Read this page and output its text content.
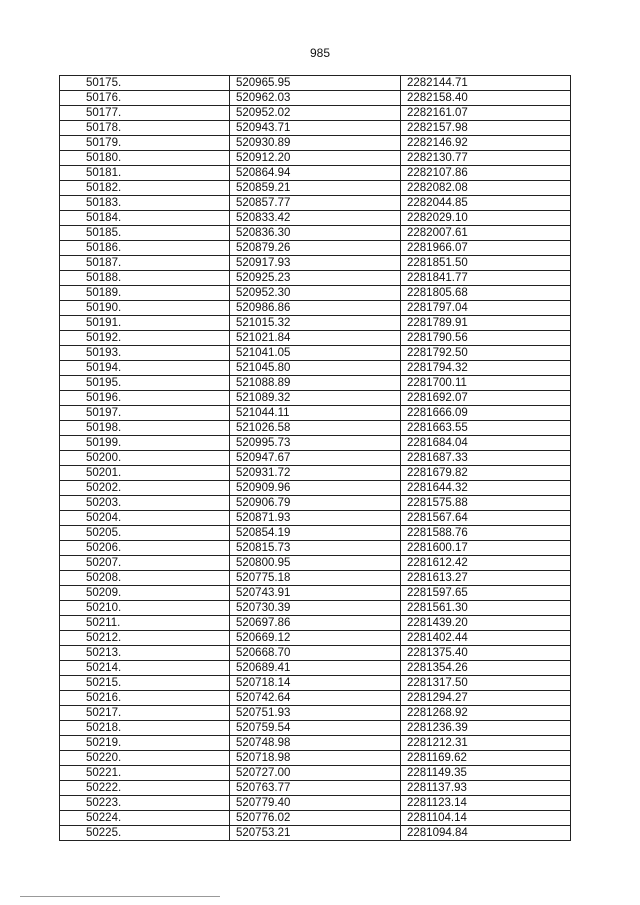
985
50175.	520965.95	2282144.71
50176.	520962.03	2282158.40
50177.	520952.02	2282161.07
50178.	520943.71	2282157.98
50179.	520930.89	2282146.92
50180.	520912.20	2282130.77
50181.	520864.94	2282107.86
50182.	520859.21	2282082.08
50183.	520857.77	2282044.85
50184.	520833.42	2282029.10
50185.	520836.30	2282007.61
50186.	520879.26	2281966.07
50187.	520917.93	2281851.50
50188.	520925.23	2281841.77
50189.	520952.30	2281805.68
50190.	520986.86	2281797.04
50191.	521015.32	2281789.91
50192.	521021.84	2281790.56
50193.	521041.05	2281792.50
50194.	521045.80	2281794.32
50195.	521088.89	2281700.11
50196.	521089.32	2281692.07
50197.	521044.11	2281666.09
50198.	521026.58	2281663.55
50199.	520995.73	2281684.04
50200.	520947.67	2281687.33
50201.	520931.72	2281679.82
50202.	520909.96	2281644.32
50203.	520906.79	2281575.88
50204.	520871.93	2281567.64
50205.	520854.19	2281588.76
50206.	520815.73	2281600.17
50207.	520800.95	2281612.42
50208.	520775.18	2281613.27
50209.	520743.91	2281597.65
50210.	520730.39	2281561.30
50211.	520697.86	2281439.20
50212.	520669.12	2281402.44
50213.	520668.70	2281375.40
50214.	520689.41	2281354.26
50215.	520718.14	2281317.50
50216.	520742.64	2281294.27
50217.	520751.93	2281268.92
50218.	520759.54	2281236.39
50219.	520748.98	2281212.31
50220.	520718.98	2281169.62
50221.	520727.00	2281149.35
50222.	520763.77	2281137.93
50223.	520779.40	2281123.14
50224.	520776.02	2281104.14
50225.	520753.21	2281094.84
